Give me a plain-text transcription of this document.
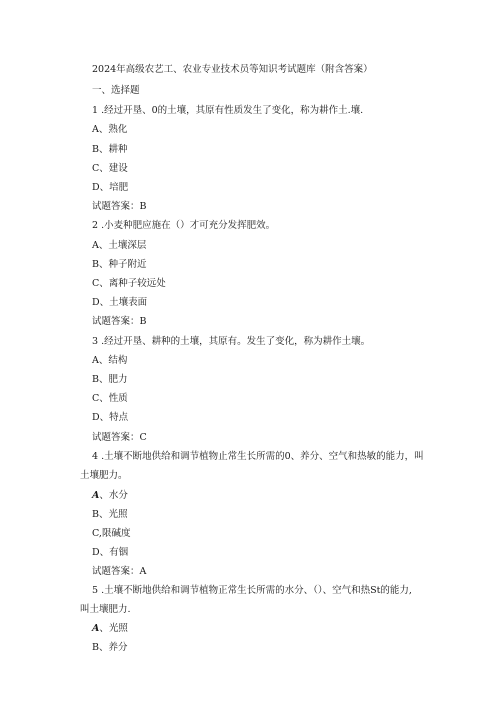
2024年高级农艺工、农业专业技术员等知识考试题库（附含答案）
一、选择题
1 .经过开垦、0的土壤，其原有性质发生了变化，称为耕作土.壤.
A、熟化
B、耕种
C、建设
D、培肥
试题答案：B
2 .小麦种肥应施在（）才可充分发挥肥效。
A、土壤深层
B、种子附近
C、离种子较远处
D、土壤表面
试题答案：B
3 .经过开垦、耕种的土壤，其原有。发生了变化，称为耕作土壤。
A、结构
B、肥力
C、性质
D、特点
试题答案：C
4 .土壤不断地供给和调节植物止常生长所需的0、养分、空气和热敏的能力，叫
土壤肥力。
A、水分
B、光照
C,限碱度
D、有铟
试题答案：A
5 .土壤不断地供给和调节植物正常生长所需的水分、（）、空气和热St的能力,
叫土壤肥力.
A、光照
B、养分
